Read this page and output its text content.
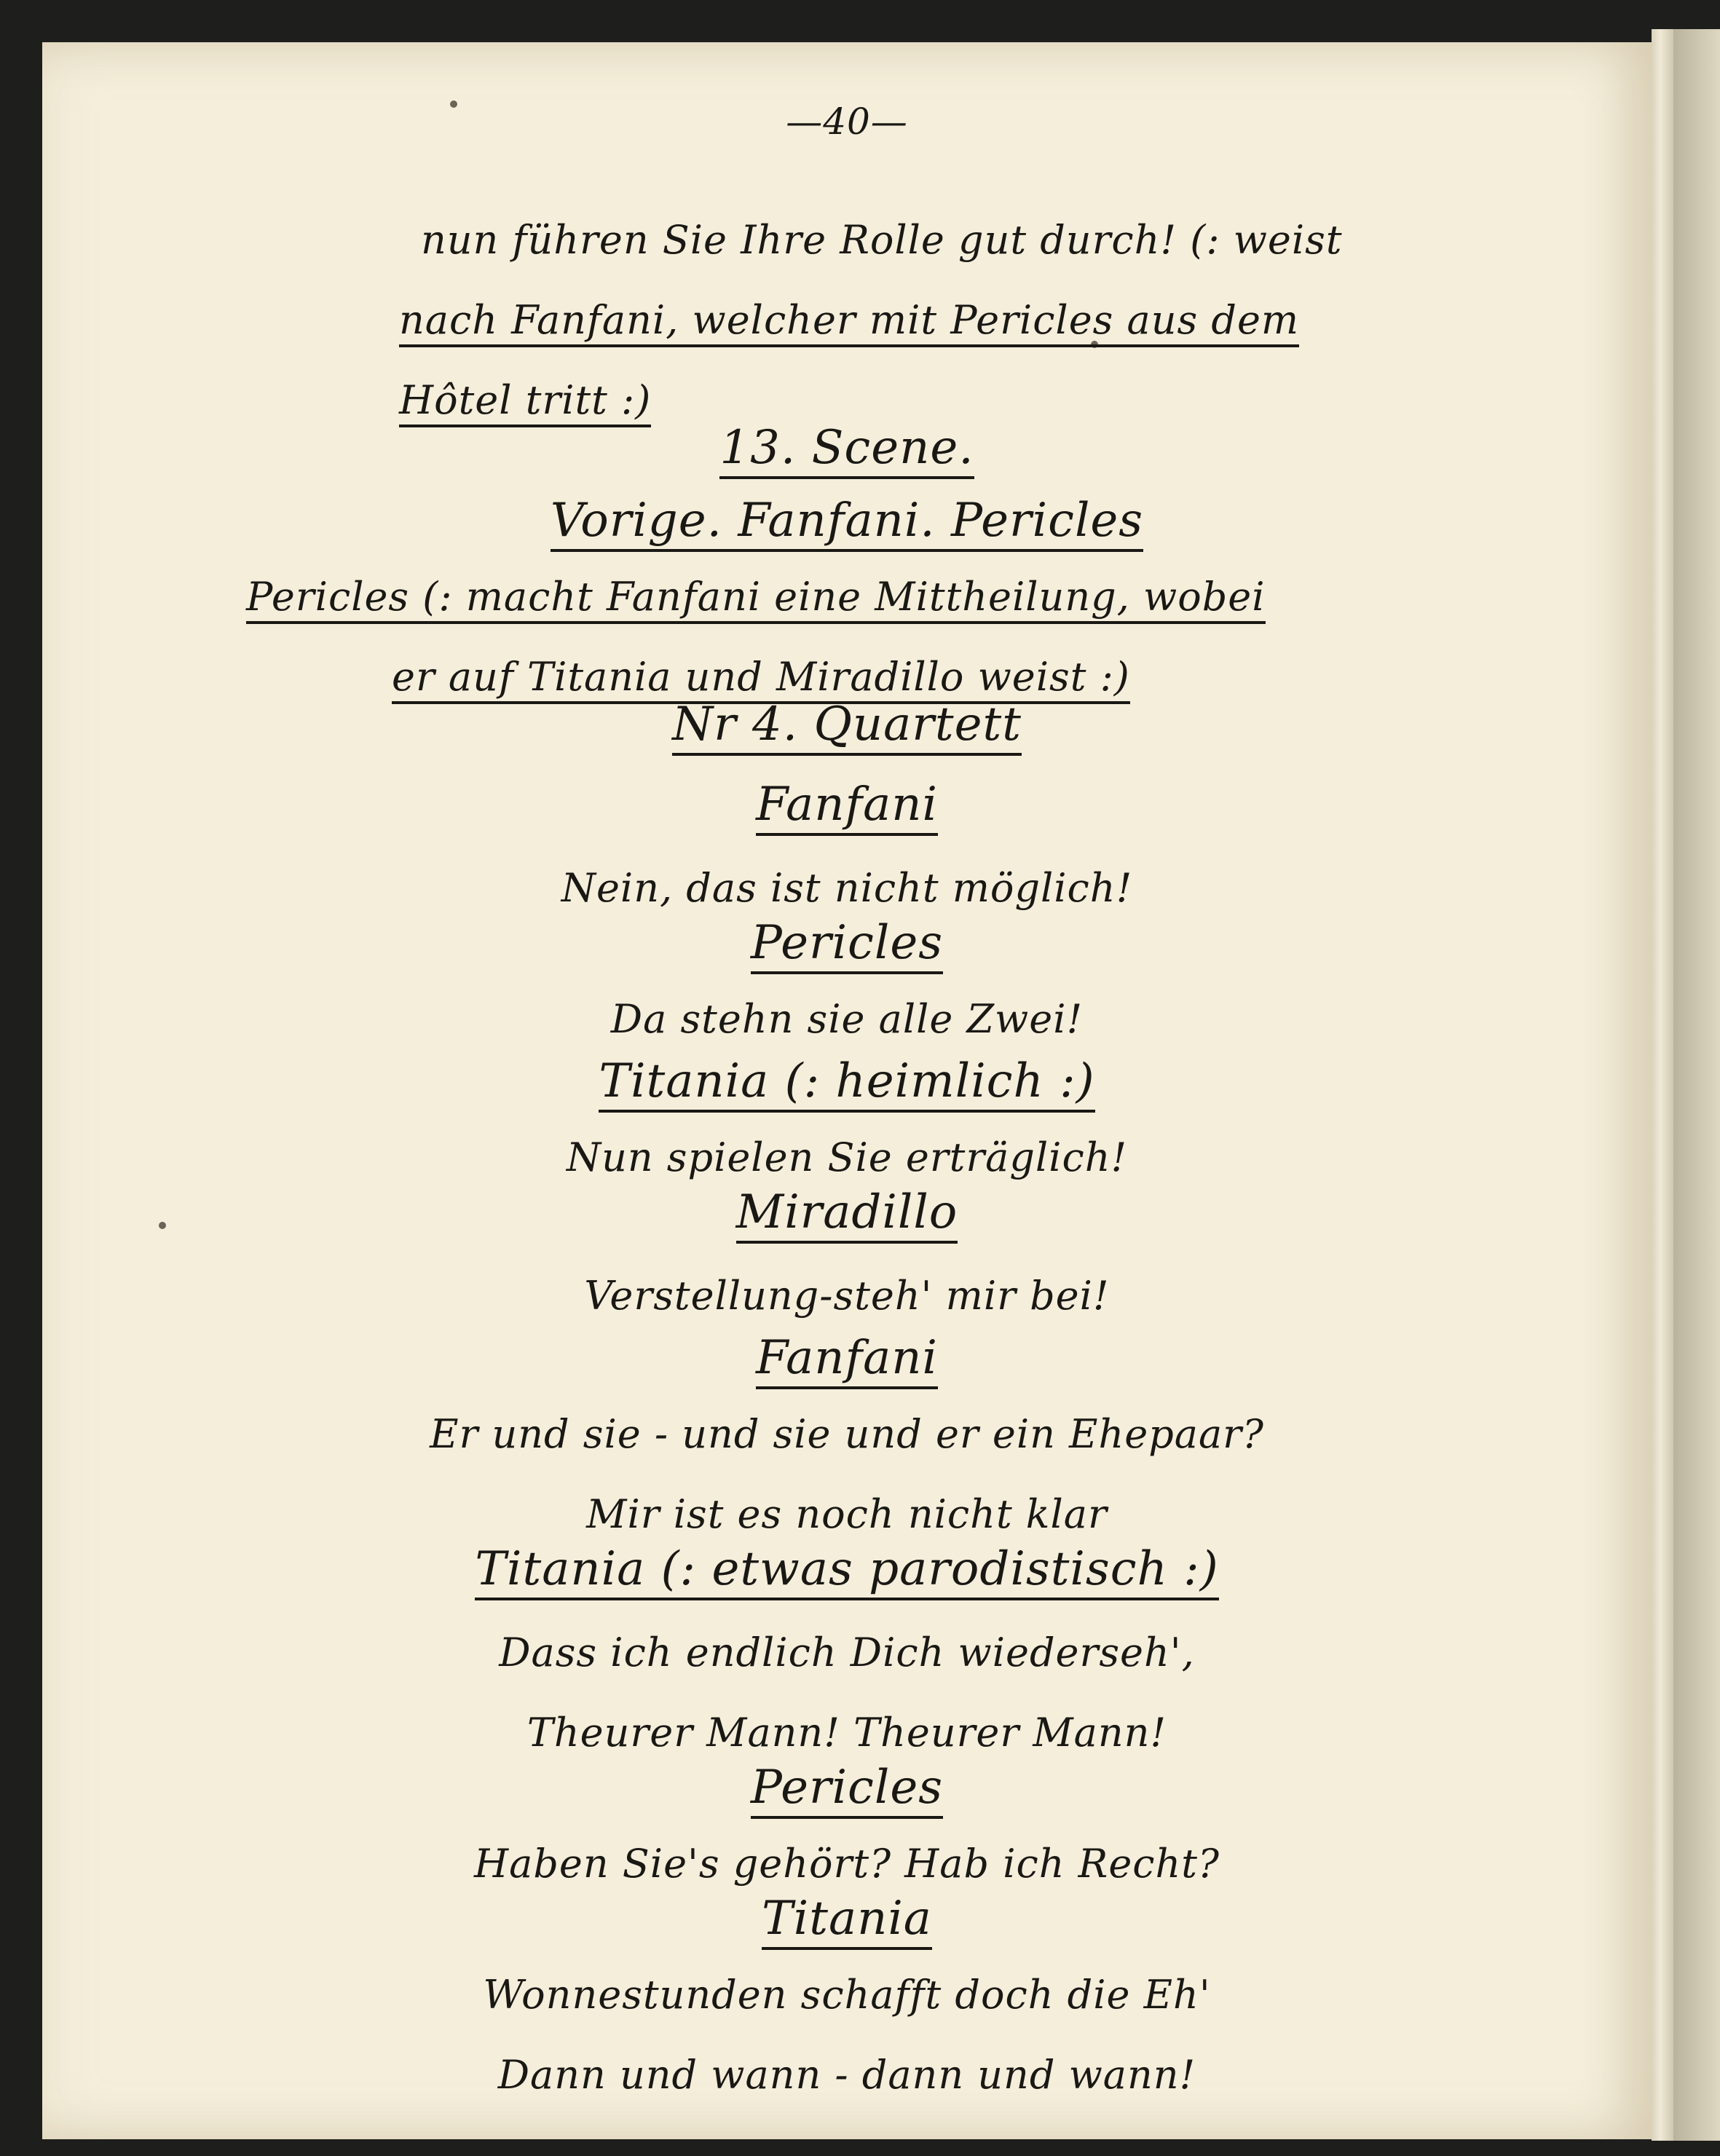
—40—
nun führen Sie Ihre Rolle gut durch! (: weist
nach Fanfani, welcher mit Pericles aus dem
Hôtel tritt :)
13. Scene.
Vorige. Fanfani. Pericles
Pericles (: macht Fanfani eine Mittheilung, wobei
er auf Titania und Miradillo weist :)
Nr 4. Quartett
Fanfani
Nein, das ist nicht möglich!
Pericles
Da stehn sie alle Zwei!
Titania (: heimlich :)
Nun spielen Sie erträglich!
Miradillo
Verstellung-steh' mir bei!
Fanfani
Er und sie - und sie und er ein Ehepaar?
Mir ist es noch nicht klar
Titania (: etwas parodistisch :)
Dass ich endlich Dich wiederseh',
Theurer Mann! Theurer Mann!
Pericles
Haben Sie's gehört? Hab ich Recht?
Titania
Wonnestunden schafft doch die Eh'
Dann und wann - dann und wann!
